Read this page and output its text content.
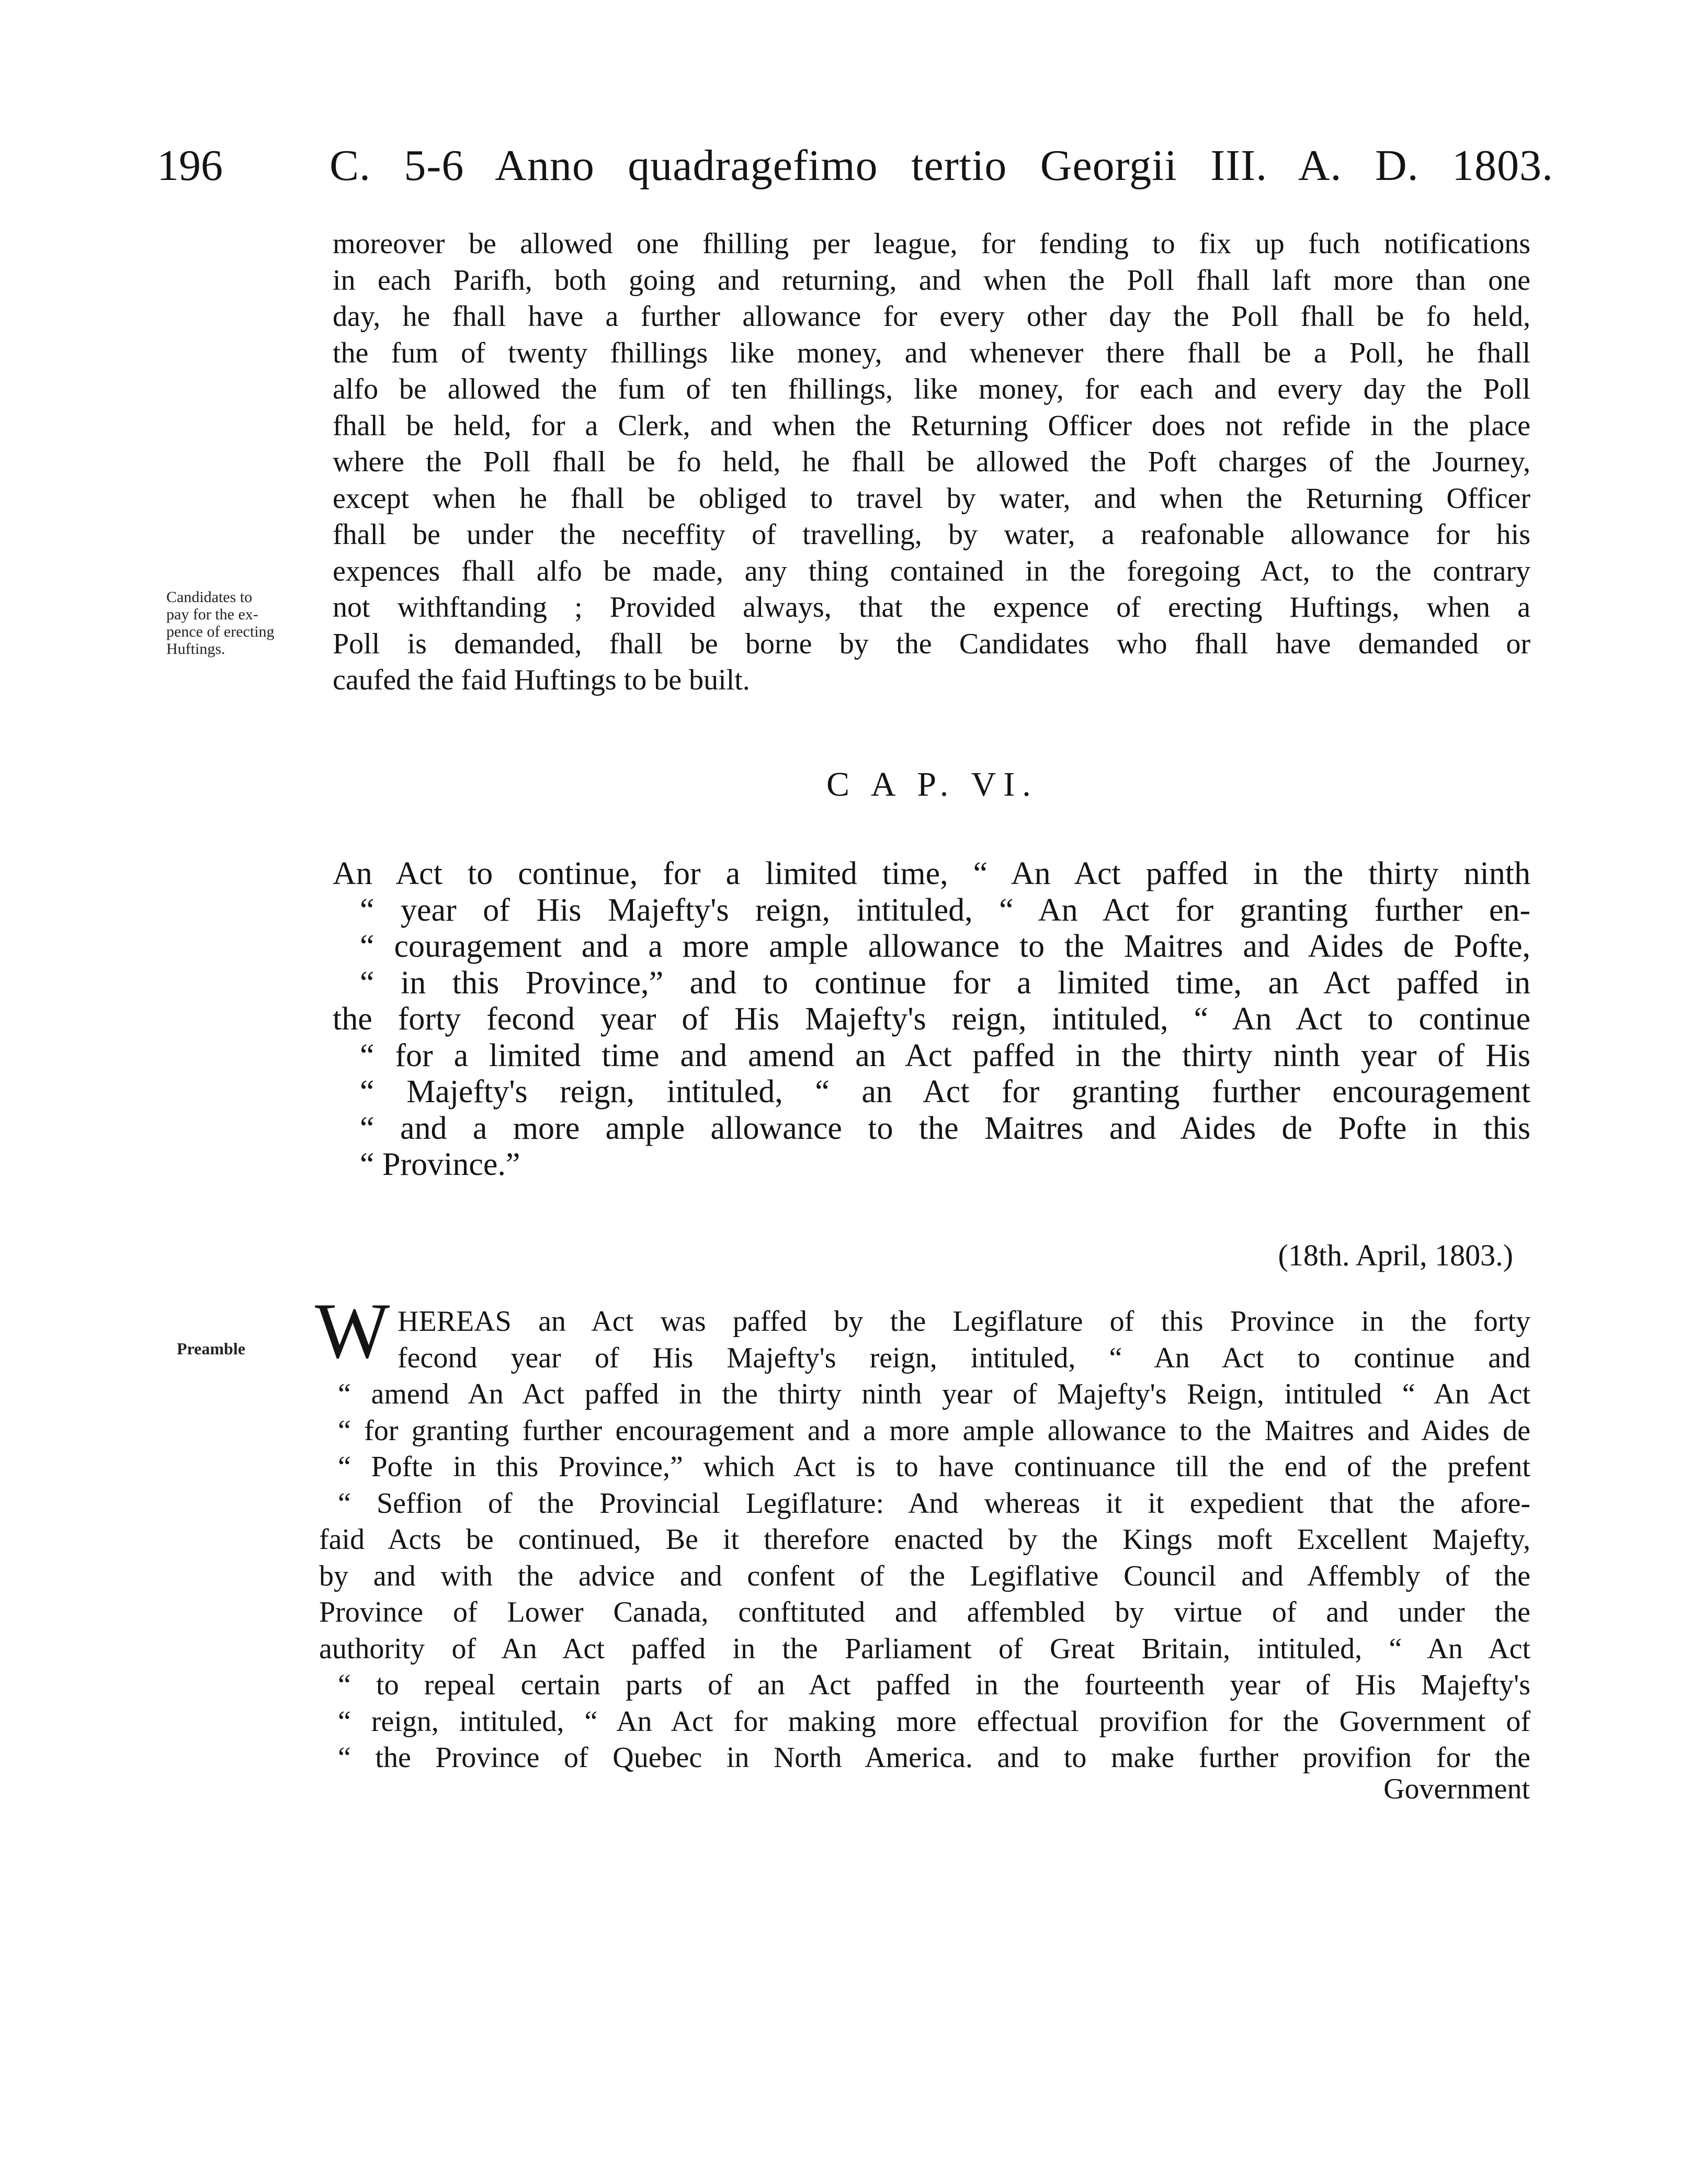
196 C. 5-6 Anno quadragefimo tertio Georgii III. A. D. 1803.
moreover be allowed one fhilling per league, for fending to fix up fuch notifications
in each Parifh, both going and returning, and when the Poll fhall laft more than one
day, he fhall have a further allowance for every other day the Poll fhall be fo held,
the fum of twenty fhillings like money, and whenever there fhall be a Poll, he fhall
alfo be allowed the fum of ten fhillings, like money, for each and every day the Poll
fhall be held, for a Clerk, and when the Returning Officer does not refide in the place
where the Poll fhall be fo held, he fhall be allowed the Poft charges of the Journey,
except when he fhall be obliged to travel by water, and when the Returning Officer
fhall be under the neceffity of travelling, by water, a reafonable allowance for his
expences fhall alfo be made, any thing contained in the foregoing Act, to the contrary
not withftanding ; Provided always, that the expence of erecting Huftings, when a
Poll is demanded, fhall be borne by the Candidates who fhall have demanded or
caufed the faid Huftings to be built.
Candidates to
pay for the ex-
pence of erecting
Huftings.
C A P. VI.
An Act to continue, for a limited time, “ An Act paffed in the thirty ninth
“ year of His Majefty's reign, intituled, “ An Act for granting further en-
“ couragement and a more ample allowance to the Maitres and Aides de Pofte,
“ in this Province,” and to continue for a limited time, an Act paffed in
the forty fecond year of His Majefty's reign, intituled, “ An Act to continue
“ for a limited time and amend an Act paffed in the thirty ninth year of His
“ Majefty's reign, intituled, “ an Act for granting further encouragement
“ and a more ample allowance to the Maitres and Aides de Pofte in this
“ Province.”
(18th. April, 1803.)
Preamble W HEREAS an Act was paffed by the Legiflature of this Province in the forty
fecond year of His Majefty's reign, intituled, “ An Act to continue and
“ amend An Act paffed in the thirty ninth year of Majefty's Reign, intituled “ An Act
“ for granting further encouragement and a more ample allowance to the Maitres and Aides de
“ Pofte in this Province,” which Act is to have continuance till the end of the prefent
“ Seffion of the Provincial Legiflature: And whereas it it expedient that the afore-
faid Acts be continued, Be it therefore enacted by the Kings moft Excellent Majefty,
by and with the advice and confent of the Legiflative Council and Affembly of the
Province of Lower Canada, conftituted and affembled by virtue of and under the
authority of An Act paffed in the Parliament of Great Britain, intituled, “ An Act
“ to repeal certain parts of an Act paffed in the fourteenth year of His Majefty's
“ reign, intituled, “ An Act for making more effectual provifion for the Government of
“ the Province of Quebec in North America. and to make further provifion for the
Government
